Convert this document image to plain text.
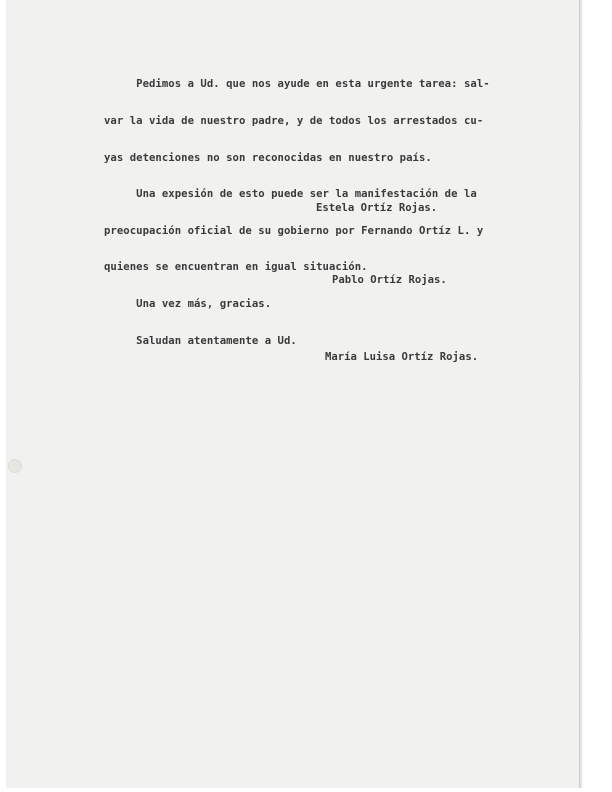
Pedimos a Ud. que nos ayude en esta urgente tarea: sal-

var la vida de nuestro padre, y de todos los arrestados cu-

yas detenciones no son reconocidas en nuestro país.

Una expesión de esto puede ser la manifestación de la

preocupación oficial de su gobierno por Fernando Ortíz L. y

quienes se encuentran en igual situación.

Una vez más, gracias.

Saludan atentamente a Ud.

Estela Ortíz Rojas.
Pablo Ortíz Rojas.
María Luisa Ortíz Rojas.
